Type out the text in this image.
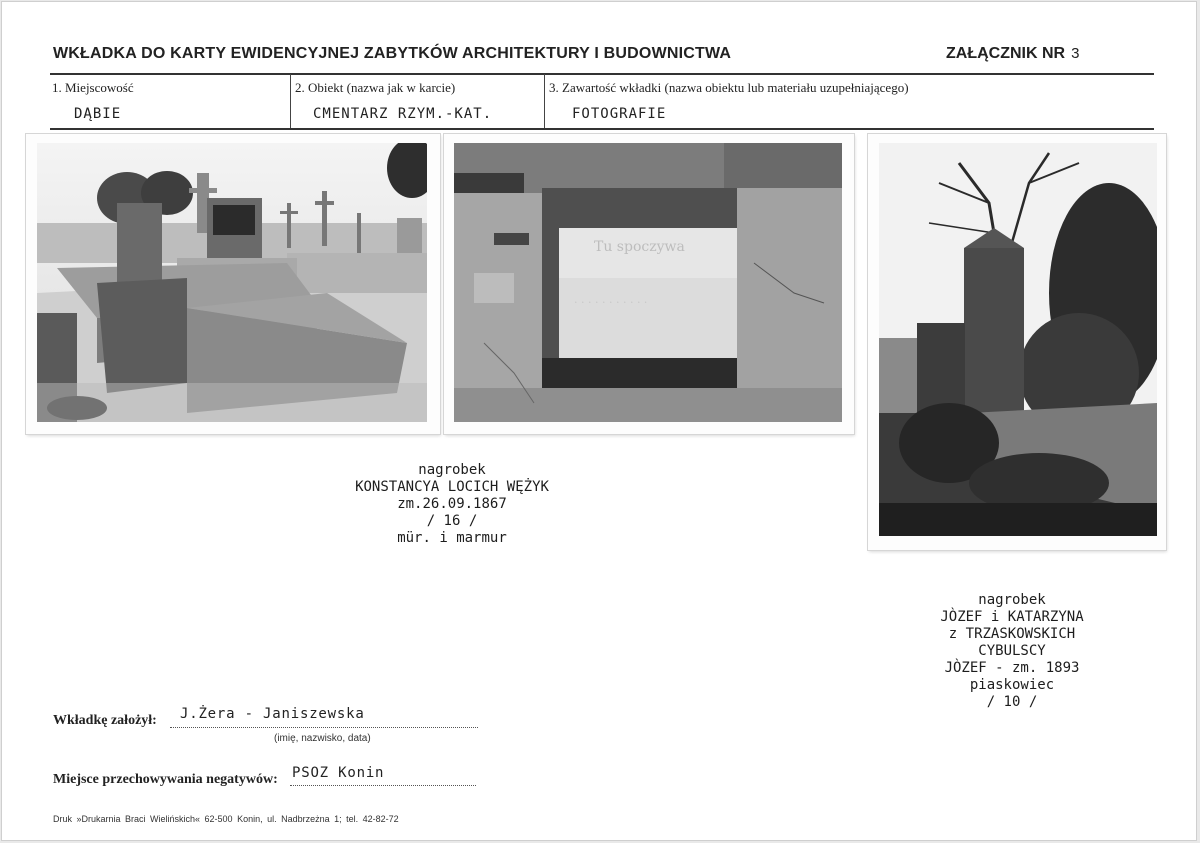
WKŁADKA DO KARTY EWIDENCYJNEJ ZABYTKÓW ARCHITEKTURY I BUDOWNICTWA	ZAŁĄCZNIK NR 3
1. Miejscowość
DĄBIE
2. Obiekt (nazwa jak w karcie)
CMENTARZ RZYM.-KAT.
3. Zawartość wkładki (nazwa obiektu lub materiału uzupełniającego)
FOTOGRAFIE
Tu spoczywa
. . . . . . . . . . .
nagrobek
KONSTANCYA LOCICH WĘŻYK
zm.26.09.1867
/ 16 /
mür. i marmur
nagrobek
JÒZEF i KATARZYNA
z TRZASKOWSKICH
CYBULSCY
JÒZEF - zm. 1893
piaskowiec
/ 10 /
Wkładkę założył: J.Żera - Janiszewska
(imię, nazwisko, data)
Miejsce przechowywania negatywów: PSOZ Konin
Druk »Drukarnia Braci Wielińskich« 62-500 Konin, ul. Nadbrzeżna 1; tel. 42-82-72
